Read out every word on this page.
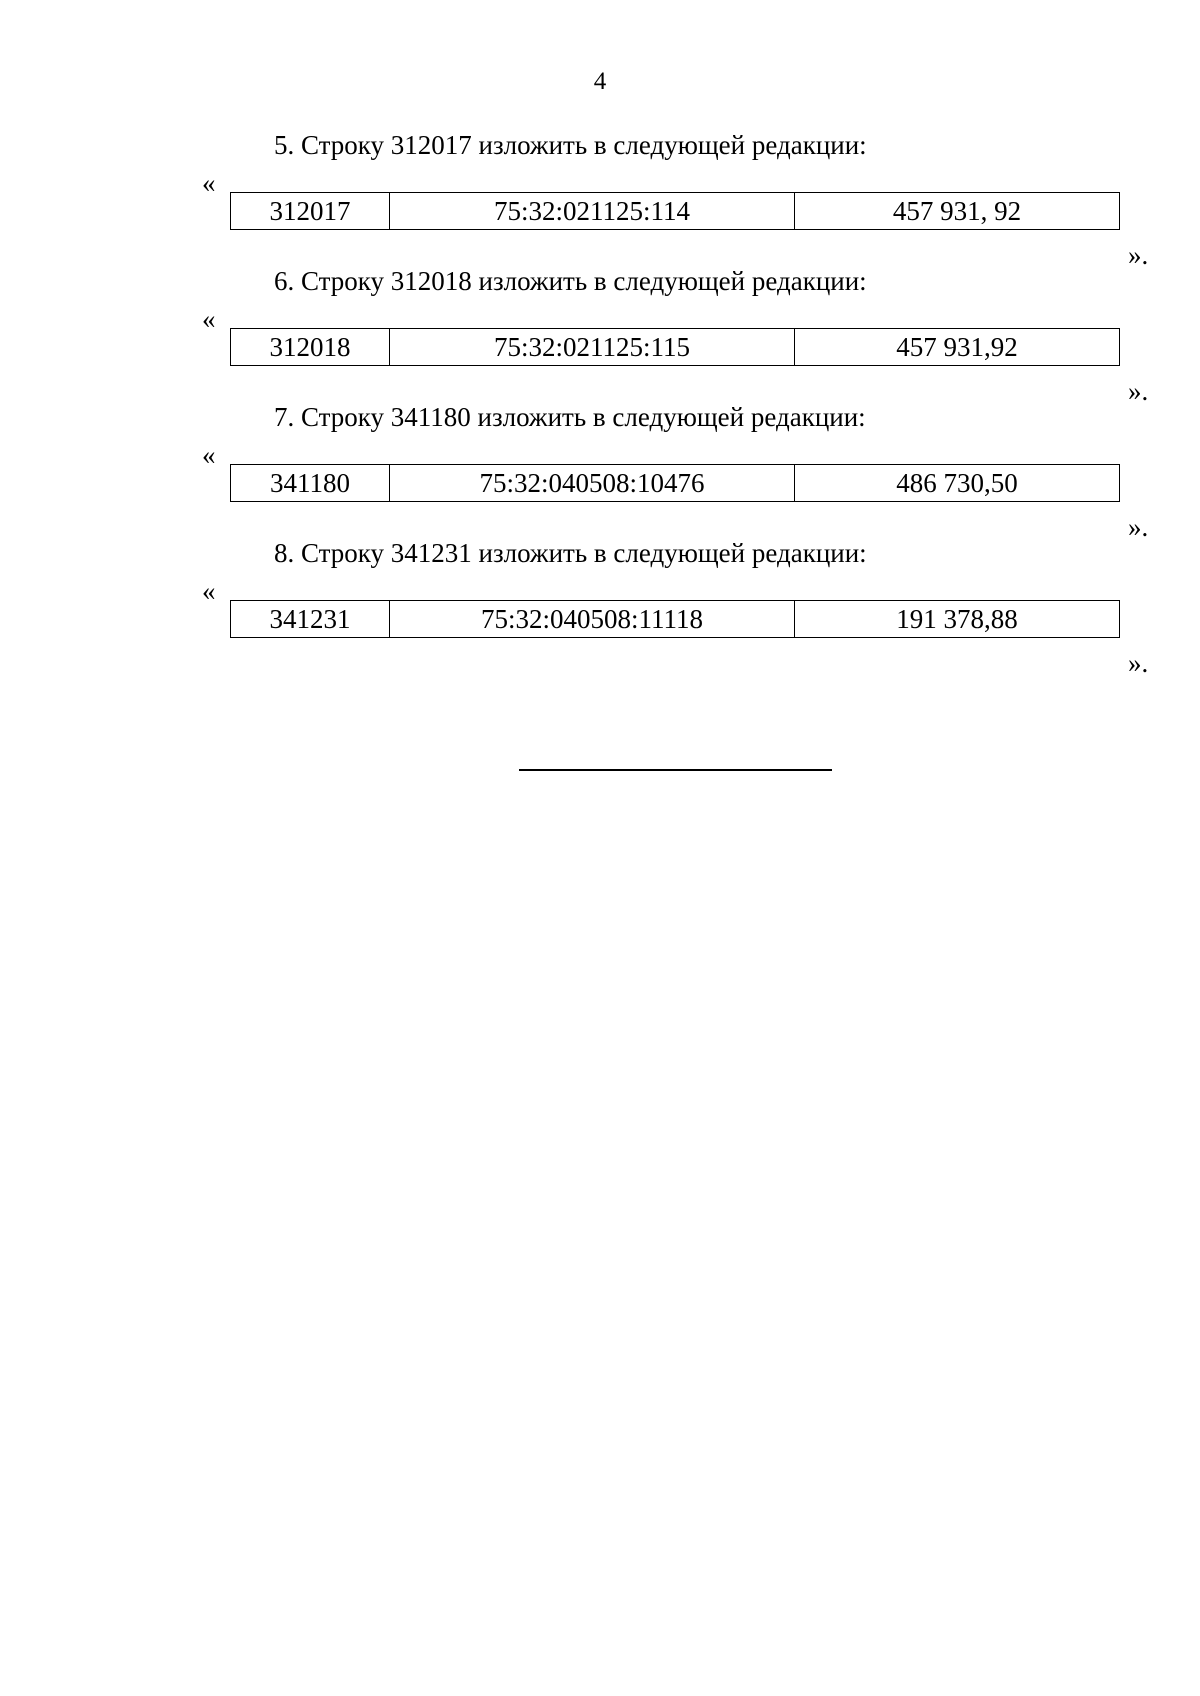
4
5. Строку 312017 изложить в следующей редакции:
«
312017	75:32:021125:114	457 931, 92
».
6. Строку 312018 изложить в следующей редакции:
«
312018	75:32:021125:115	457 931,92
».
7. Строку 341180 изложить в следующей редакции:
«
341180	75:32:040508:10476	486 730,50
».
8. Строку 341231 изложить в следующей редакции:
«
341231	75:32:040508:11118	191 378,88
».
